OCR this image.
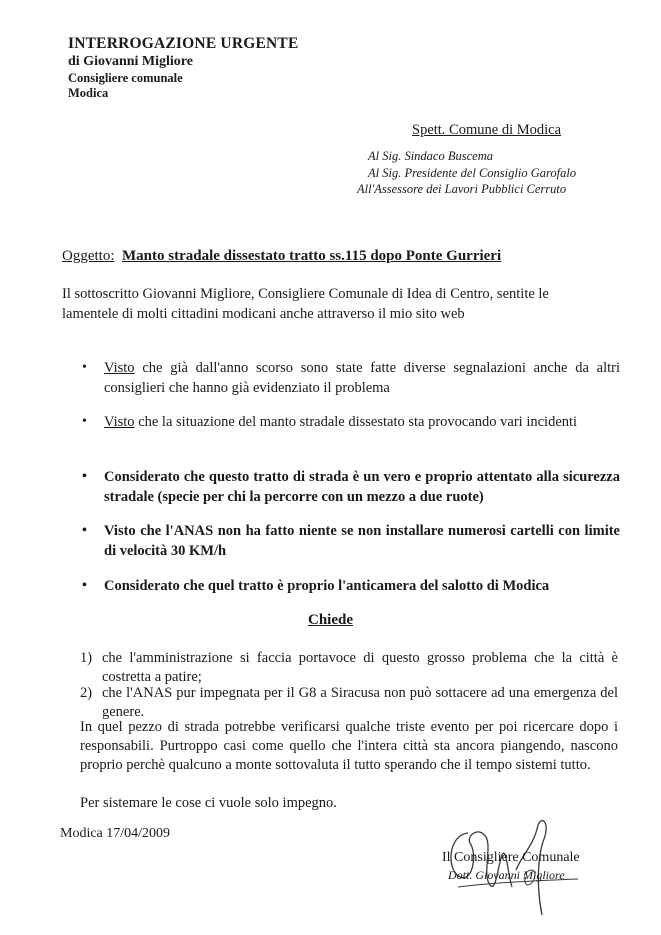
INTERROGAZIONE URGENTE
di Giovanni Migliore
Consigliere comunale
Modica
Spett. Comune di Modica
Al Sig. Sindaco Buscema
Al Sig. Presidente del Consiglio Garofalo
All'Assessore dei Lavori Pubblici Cerruto
Oggetto: Manto stradale dissestato tratto ss.115 dopo Ponte Gurrieri
Il sottoscritto Giovanni Migliore, Consigliere Comunale di Idea di Centro, sentite le
lamentele di molti cittadini modicani anche attraverso il mio sito web
• Visto che già dall'anno scorso sono state fatte diverse segnalazioni anche da altri consiglieri che hanno già evidenziato il problema
• Visto che la situazione del manto stradale dissestato sta provocando vari incidenti
• Considerato che questo tratto di strada è un vero e proprio attentato alla sicurezza stradale (specie per chi la percorre con un mezzo a due ruote)
• Visto che l'ANAS non ha fatto niente se non installare numerosi cartelli con limite di velocità 30 KM/h
• Considerato che quel tratto è proprio l'anticamera del salotto di Modica
Chiede
1) che l'amministrazione si faccia portavoce di questo grosso problema che la città è costretta a patire;
2) che l'ANAS pur impegnata per il G8 a Siracusa non può sottacere ad una emergenza del genere.
In quel pezzo di strada potrebbe verificarsi qualche triste evento per poi ricercare dopo i responsabili. Purtroppo casi come quello che l'intera città sta ancora piangendo, nascono proprio perchè qualcuno a monte sottovaluta il tutto sperando che il tempo sistemi tutto.
Per sistemare le cose ci vuole solo impegno.
Modica 17/04/2009
Il Consigliere Comunale
Dott. Giovanni Migliore
